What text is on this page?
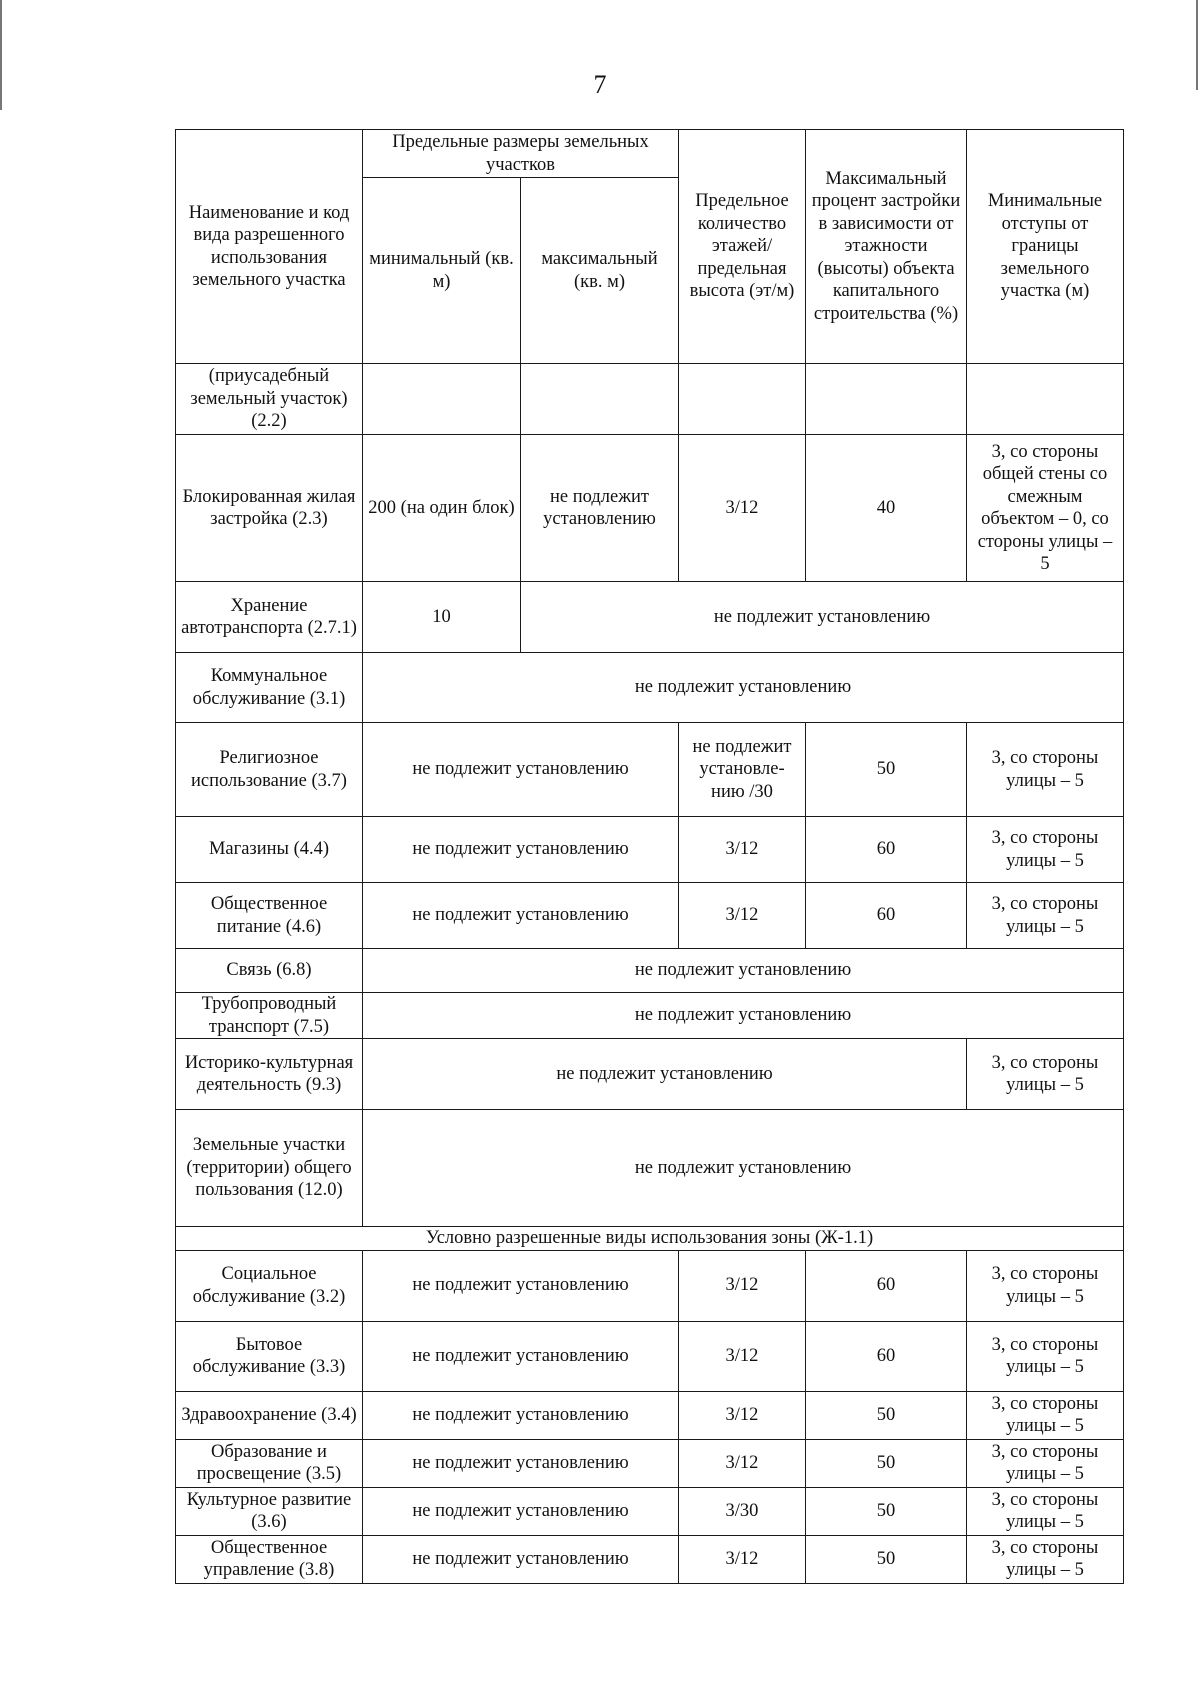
7
Наименование и код вида разрешенного использования земельного участка	Предельные размеры земельных участков		Предельное количество этажей/ предельная высота (эт/м)	Максимальный процент застройки в зависимости от этажности (высоты) объекта капитального строительства (%)	Минимальные отступы от границы земельного участка (м)
	минимальный (кв. м)	максимальный (кв. м)			
(приусадебный земельный участок) (2.2)					
Блокированная жилая застройка (2.3)	200 (на один блок)	не подлежит установлению	3/12	40	3, со стороны общей стены со смежным объектом – 0, со стороны улицы – 5
Хранение автотранспорта (2.7.1)	10	не подлежит установлению			
Коммунальное обслуживание (3.1)	не подлежит установлению				
Религиозное использование (3.7)	не подлежит установлению		не подлежит установле-нию /30	50	3, со стороны улицы – 5
Магазины (4.4)	не подлежит установлению		3/12	60	3, со стороны улицы – 5
Общественное питание (4.6)	не подлежит установлению		3/12	60	3, со стороны улицы – 5
Связь (6.8)	не подлежит установлению				
Трубопроводный транспорт (7.5)	не подлежит установлению				
Историко-культурная деятельность (9.3)	не подлежит установлению				3, со стороны улицы – 5
Земельные участки (территории) общего пользования (12.0)	не подлежит установлению				
Условно разрешенные виды использования зоны (Ж-1.1)					
Социальное обслуживание (3.2)	не подлежит установлению		3/12	60	3, со стороны улицы – 5
Бытовое обслуживание (3.3)	не подлежит установлению		3/12	60	3, со стороны улицы – 5
Здравоохранение (3.4)	не подлежит установлению		3/12	50	3, со стороны улицы – 5
Образование и просвещение (3.5)	не подлежит установлению		3/12	50	3, со стороны улицы – 5
Культурное развитие (3.6)	не подлежит установлению		3/30	50	3, со стороны улицы – 5
Общественное управление (3.8)	не подлежит установлению		3/12	50	3, со стороны улицы – 5
